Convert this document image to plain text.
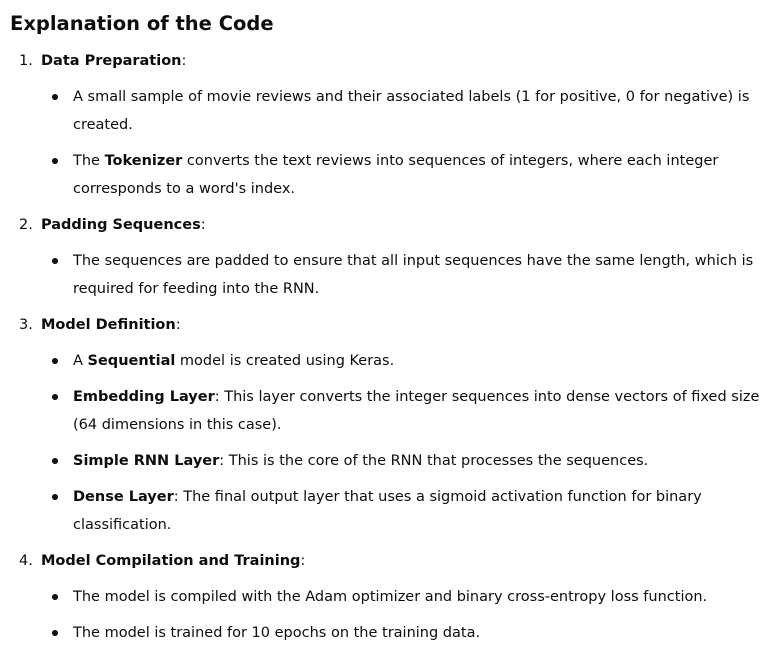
Explanation of the Code
1. Data Preparation:
A small sample of movie reviews and their associated labels (1 for positive, 0 for negative) is created.
The Tokenizer converts the text reviews into sequences of integers, where each integer corresponds to a word's index.
2. Padding Sequences:
The sequences are padded to ensure that all input sequences have the same length, which is required for feeding into the RNN.
3. Model Definition:
A Sequential model is created using Keras.
Embedding Layer: This layer converts the integer sequences into dense vectors of fixed size (64 dimensions in this case).
Simple RNN Layer: This is the core of the RNN that processes the sequences.
Dense Layer: The final output layer that uses a sigmoid activation function for binary classification.
4. Model Compilation and Training:
The model is compiled with the Adam optimizer and binary cross-entropy loss function.
The model is trained for 10 epochs on the training data.
